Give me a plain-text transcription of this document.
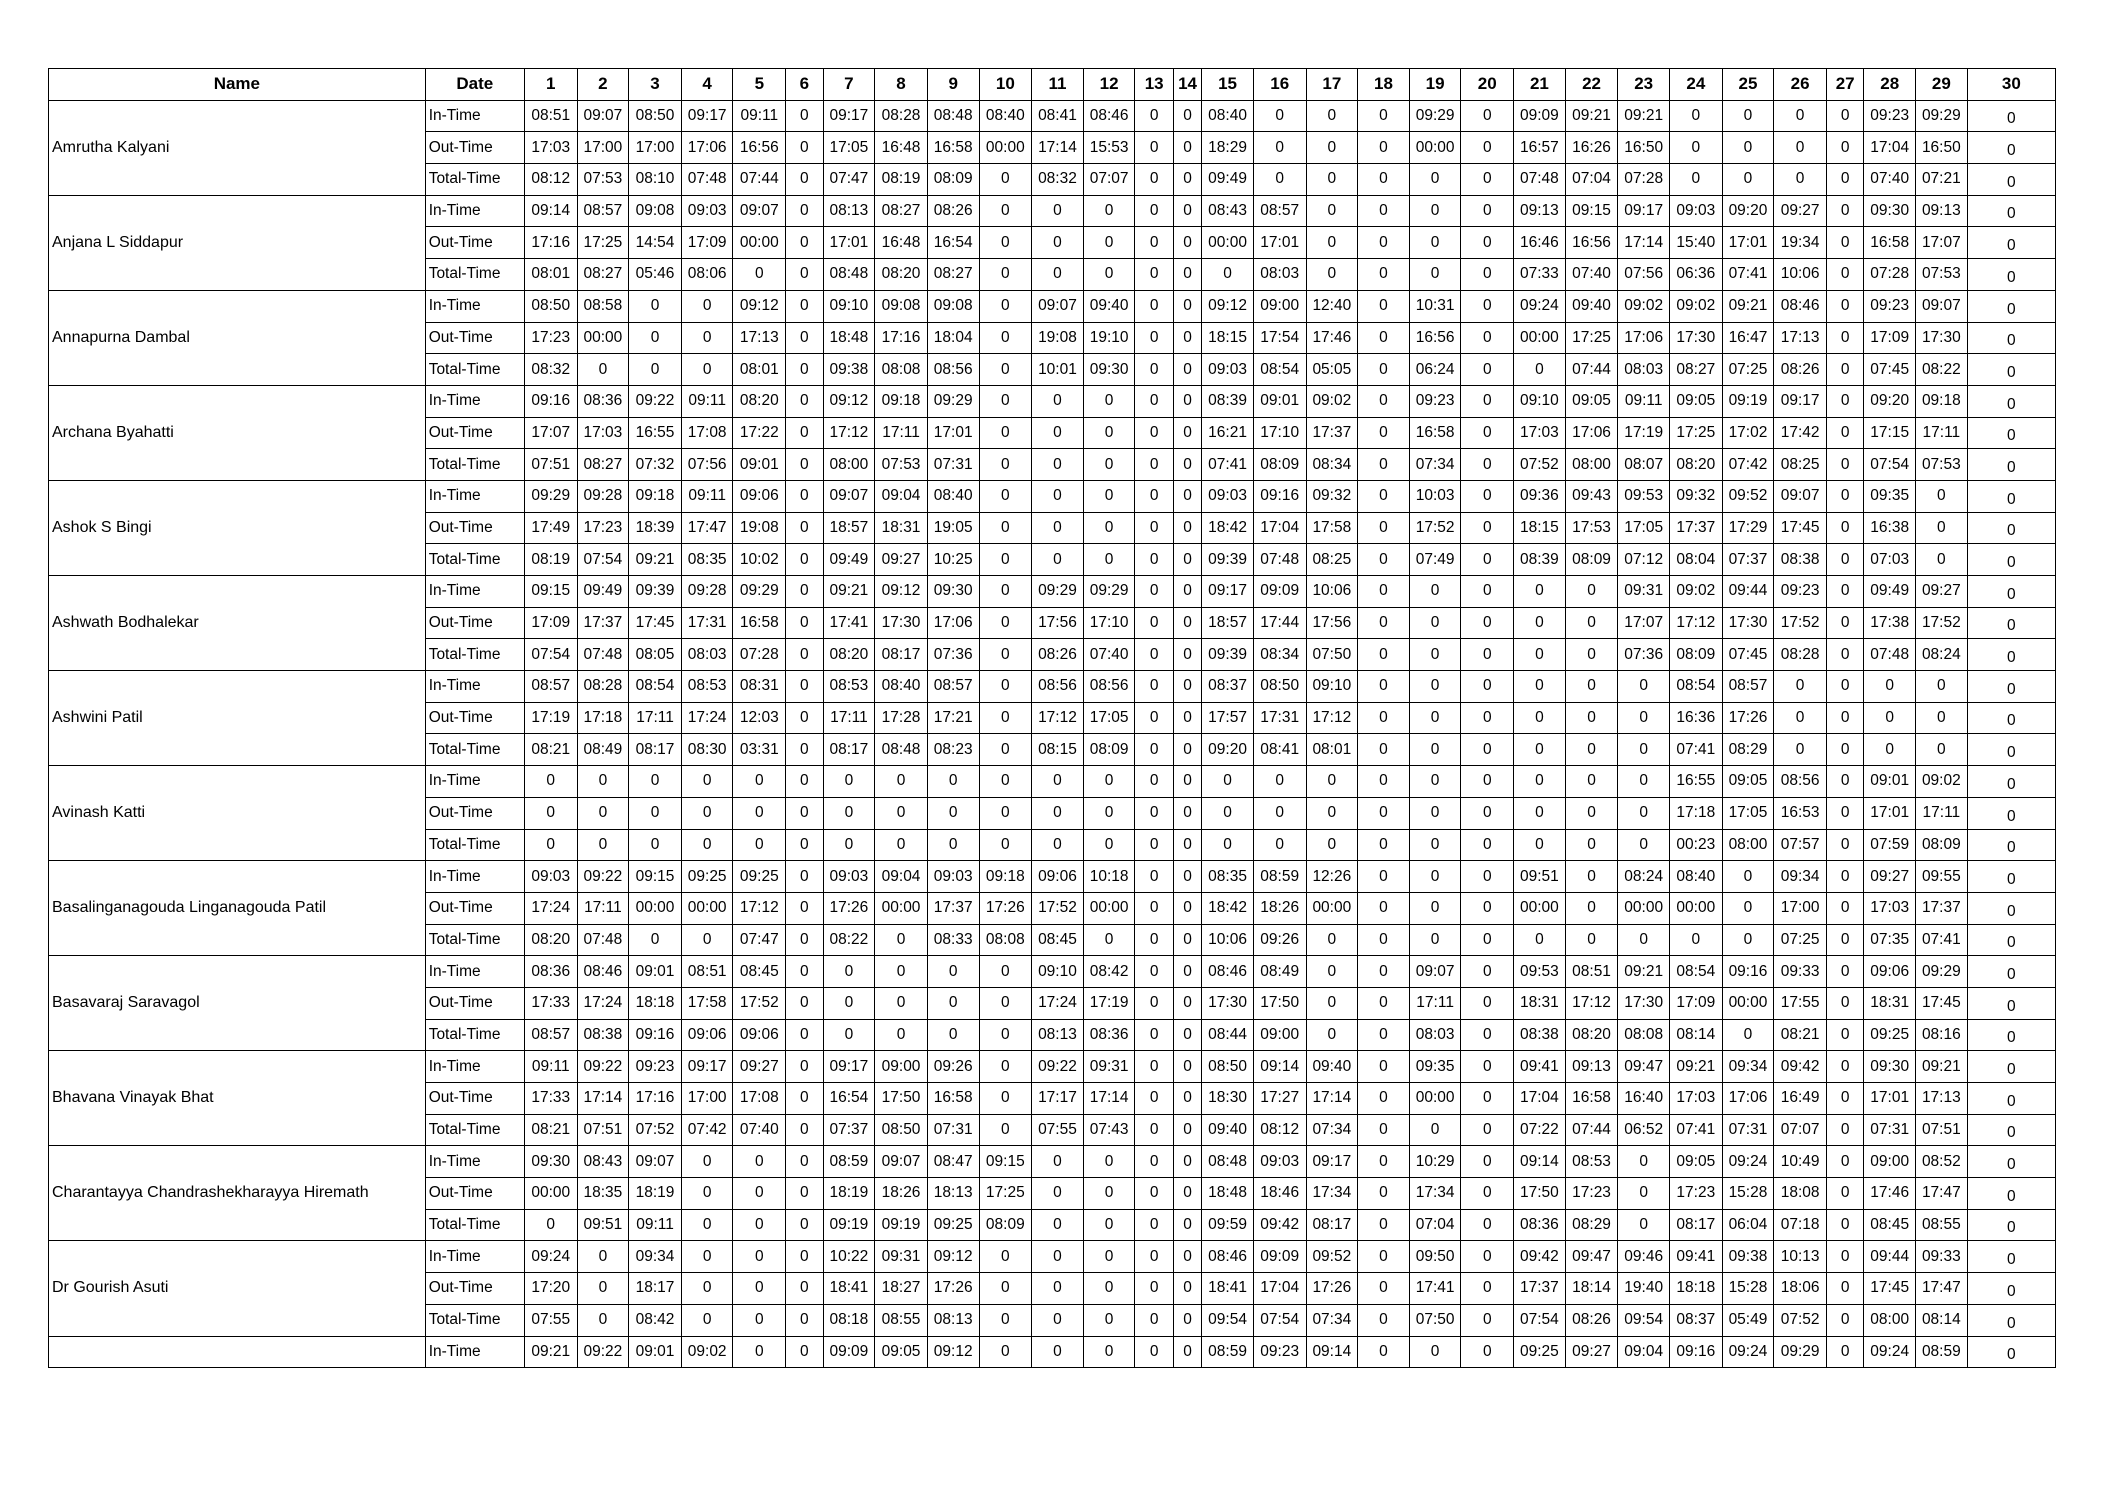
Name	Date	1	2	3	4	5	6	7	8	9	10	11	12	13	14	15	16	17	18	19	20	21	22	23	24	25	26	27	28	29	30
Amrutha Kalyani	In-Time	08:51	09:07	08:50	09:17	09:11	0	09:17	08:28	08:48	08:40	08:41	08:46	0	0	08:40	0	0	0	09:29	0	09:09	09:21	09:21	0	0	0	0	09:23	09:29	0
	Out-Time	17:03	17:00	17:00	17:06	16:56	0	17:05	16:48	16:58	00:00	17:14	15:53	0	0	18:29	0	0	0	00:00	0	16:57	16:26	16:50	0	0	0	0	17:04	16:50	0
	Total-Time	08:12	07:53	08:10	07:48	07:44	0	07:47	08:19	08:09	0	08:32	07:07	0	0	09:49	0	0	0	0	0	07:48	07:04	07:28	0	0	0	0	07:40	07:21	0
Anjana L Siddapur	In-Time	09:14	08:57	09:08	09:03	09:07	0	08:13	08:27	08:26	0	0	0	0	0	08:43	08:57	0	0	0	0	09:13	09:15	09:17	09:03	09:20	09:27	0	09:30	09:13	0
	Out-Time	17:16	17:25	14:54	17:09	00:00	0	17:01	16:48	16:54	0	0	0	0	0	00:00	17:01	0	0	0	0	16:46	16:56	17:14	15:40	17:01	19:34	0	16:58	17:07	0
	Total-Time	08:01	08:27	05:46	08:06	0	0	08:48	08:20	08:27	0	0	0	0	0	0	08:03	0	0	0	0	07:33	07:40	07:56	06:36	07:41	10:06	0	07:28	07:53	0
Annapurna Dambal	In-Time	08:50	08:58	0	0	09:12	0	09:10	09:08	09:08	0	09:07	09:40	0	0	09:12	09:00	12:40	0	10:31	0	09:24	09:40	09:02	09:02	09:21	08:46	0	09:23	09:07	0
	Out-Time	17:23	00:00	0	0	17:13	0	18:48	17:16	18:04	0	19:08	19:10	0	0	18:15	17:54	17:46	0	16:56	0	00:00	17:25	17:06	17:30	16:47	17:13	0	17:09	17:30	0
	Total-Time	08:32	0	0	0	08:01	0	09:38	08:08	08:56	0	10:01	09:30	0	0	09:03	08:54	05:05	0	06:24	0	0	07:44	08:03	08:27	07:25	08:26	0	07:45	08:22	0
Archana Byahatti	In-Time	09:16	08:36	09:22	09:11	08:20	0	09:12	09:18	09:29	0	0	0	0	0	08:39	09:01	09:02	0	09:23	0	09:10	09:05	09:11	09:05	09:19	09:17	0	09:20	09:18	0
	Out-Time	17:07	17:03	16:55	17:08	17:22	0	17:12	17:11	17:01	0	0	0	0	0	16:21	17:10	17:37	0	16:58	0	17:03	17:06	17:19	17:25	17:02	17:42	0	17:15	17:11	0
	Total-Time	07:51	08:27	07:32	07:56	09:01	0	08:00	07:53	07:31	0	0	0	0	0	07:41	08:09	08:34	0	07:34	0	07:52	08:00	08:07	08:20	07:42	08:25	0	07:54	07:53	0
Ashok S Bingi	In-Time	09:29	09:28	09:18	09:11	09:06	0	09:07	09:04	08:40	0	0	0	0	0	09:03	09:16	09:32	0	10:03	0	09:36	09:43	09:53	09:32	09:52	09:07	0	09:35	0	0
	Out-Time	17:49	17:23	18:39	17:47	19:08	0	18:57	18:31	19:05	0	0	0	0	0	18:42	17:04	17:58	0	17:52	0	18:15	17:53	17:05	17:37	17:29	17:45	0	16:38	0	0
	Total-Time	08:19	07:54	09:21	08:35	10:02	0	09:49	09:27	10:25	0	0	0	0	0	09:39	07:48	08:25	0	07:49	0	08:39	08:09	07:12	08:04	07:37	08:38	0	07:03	0	0
Ashwath Bodhalekar	In-Time	09:15	09:49	09:39	09:28	09:29	0	09:21	09:12	09:30	0	09:29	09:29	0	0	09:17	09:09	10:06	0	0	0	0	0	09:31	09:02	09:44	09:23	0	09:49	09:27	0
	Out-Time	17:09	17:37	17:45	17:31	16:58	0	17:41	17:30	17:06	0	17:56	17:10	0	0	18:57	17:44	17:56	0	0	0	0	0	17:07	17:12	17:30	17:52	0	17:38	17:52	0
	Total-Time	07:54	07:48	08:05	08:03	07:28	0	08:20	08:17	07:36	0	08:26	07:40	0	0	09:39	08:34	07:50	0	0	0	0	0	07:36	08:09	07:45	08:28	0	07:48	08:24	0
Ashwini Patil	In-Time	08:57	08:28	08:54	08:53	08:31	0	08:53	08:40	08:57	0	08:56	08:56	0	0	08:37	08:50	09:10	0	0	0	0	0	0	08:54	08:57	0	0	0	0	0
	Out-Time	17:19	17:18	17:11	17:24	12:03	0	17:11	17:28	17:21	0	17:12	17:05	0	0	17:57	17:31	17:12	0	0	0	0	0	0	16:36	17:26	0	0	0	0	0
	Total-Time	08:21	08:49	08:17	08:30	03:31	0	08:17	08:48	08:23	0	08:15	08:09	0	0	09:20	08:41	08:01	0	0	0	0	0	0	07:41	08:29	0	0	0	0	0
Avinash Katti	In-Time	0	0	0	0	0	0	0	0	0	0	0	0	0	0	0	0	0	0	0	0	0	0	0	16:55	09:05	08:56	0	09:01	09:02	0
	Out-Time	0	0	0	0	0	0	0	0	0	0	0	0	0	0	0	0	0	0	0	0	0	0	0	17:18	17:05	16:53	0	17:01	17:11	0
	Total-Time	0	0	0	0	0	0	0	0	0	0	0	0	0	0	0	0	0	0	0	0	0	0	0	00:23	08:00	07:57	0	07:59	08:09	0
Basalinganagouda Linganagouda Patil	In-Time	09:03	09:22	09:15	09:25	09:25	0	09:03	09:04	09:03	09:18	09:06	10:18	0	0	08:35	08:59	12:26	0	0	0	09:51	0	08:24	08:40	0	09:34	0	09:27	09:55	0
	Out-Time	17:24	17:11	00:00	00:00	17:12	0	17:26	00:00	17:37	17:26	17:52	00:00	0	0	18:42	18:26	00:00	0	0	0	00:00	0	00:00	00:00	0	17:00	0	17:03	17:37	0
	Total-Time	08:20	07:48	0	0	07:47	0	08:22	0	08:33	08:08	08:45	0	0	0	10:06	09:26	0	0	0	0	0	0	0	0	0	07:25	0	07:35	07:41	0
Basavaraj Saravagol	In-Time	08:36	08:46	09:01	08:51	08:45	0	0	0	0	0	09:10	08:42	0	0	08:46	08:49	0	0	09:07	0	09:53	08:51	09:21	08:54	09:16	09:33	0	09:06	09:29	0
	Out-Time	17:33	17:24	18:18	17:58	17:52	0	0	0	0	0	17:24	17:19	0	0	17:30	17:50	0	0	17:11	0	18:31	17:12	17:30	17:09	00:00	17:55	0	18:31	17:45	0
	Total-Time	08:57	08:38	09:16	09:06	09:06	0	0	0	0	0	08:13	08:36	0	0	08:44	09:00	0	0	08:03	0	08:38	08:20	08:08	08:14	0	08:21	0	09:25	08:16	0
Bhavana Vinayak Bhat	In-Time	09:11	09:22	09:23	09:17	09:27	0	09:17	09:00	09:26	0	09:22	09:31	0	0	08:50	09:14	09:40	0	09:35	0	09:41	09:13	09:47	09:21	09:34	09:42	0	09:30	09:21	0
	Out-Time	17:33	17:14	17:16	17:00	17:08	0	16:54	17:50	16:58	0	17:17	17:14	0	0	18:30	17:27	17:14	0	00:00	0	17:04	16:58	16:40	17:03	17:06	16:49	0	17:01	17:13	0
	Total-Time	08:21	07:51	07:52	07:42	07:40	0	07:37	08:50	07:31	0	07:55	07:43	0	0	09:40	08:12	07:34	0	0	0	07:22	07:44	06:52	07:41	07:31	07:07	0	07:31	07:51	0
Charantayya Chandrashekharayya Hiremath	In-Time	09:30	08:43	09:07	0	0	0	08:59	09:07	08:47	09:15	0	0	0	0	08:48	09:03	09:17	0	10:29	0	09:14	08:53	0	09:05	09:24	10:49	0	09:00	08:52	0
	Out-Time	00:00	18:35	18:19	0	0	0	18:19	18:26	18:13	17:25	0	0	0	0	18:48	18:46	17:34	0	17:34	0	17:50	17:23	0	17:23	15:28	18:08	0	17:46	17:47	0
	Total-Time	0	09:51	09:11	0	0	0	09:19	09:19	09:25	08:09	0	0	0	0	09:59	09:42	08:17	0	07:04	0	08:36	08:29	0	08:17	06:04	07:18	0	08:45	08:55	0
Dr Gourish Asuti	In-Time	09:24	0	09:34	0	0	0	10:22	09:31	09:12	0	0	0	0	0	08:46	09:09	09:52	0	09:50	0	09:42	09:47	09:46	09:41	09:38	10:13	0	09:44	09:33	0
	Out-Time	17:20	0	18:17	0	0	0	18:41	18:27	17:26	0	0	0	0	0	18:41	17:04	17:26	0	17:41	0	17:37	18:14	19:40	18:18	15:28	18:06	0	17:45	17:47	0
	Total-Time	07:55	0	08:42	0	0	0	08:18	08:55	08:13	0	0	0	0	0	09:54	07:54	07:34	0	07:50	0	07:54	08:26	09:54	08:37	05:49	07:52	0	08:00	08:14	0
	In-Time	09:21	09:22	09:01	09:02	0	0	09:09	09:05	09:12	0	0	0	0	0	08:59	09:23	09:14	0	0	0	09:25	09:27	09:04	09:16	09:24	09:29	0	09:24	08:59	0
